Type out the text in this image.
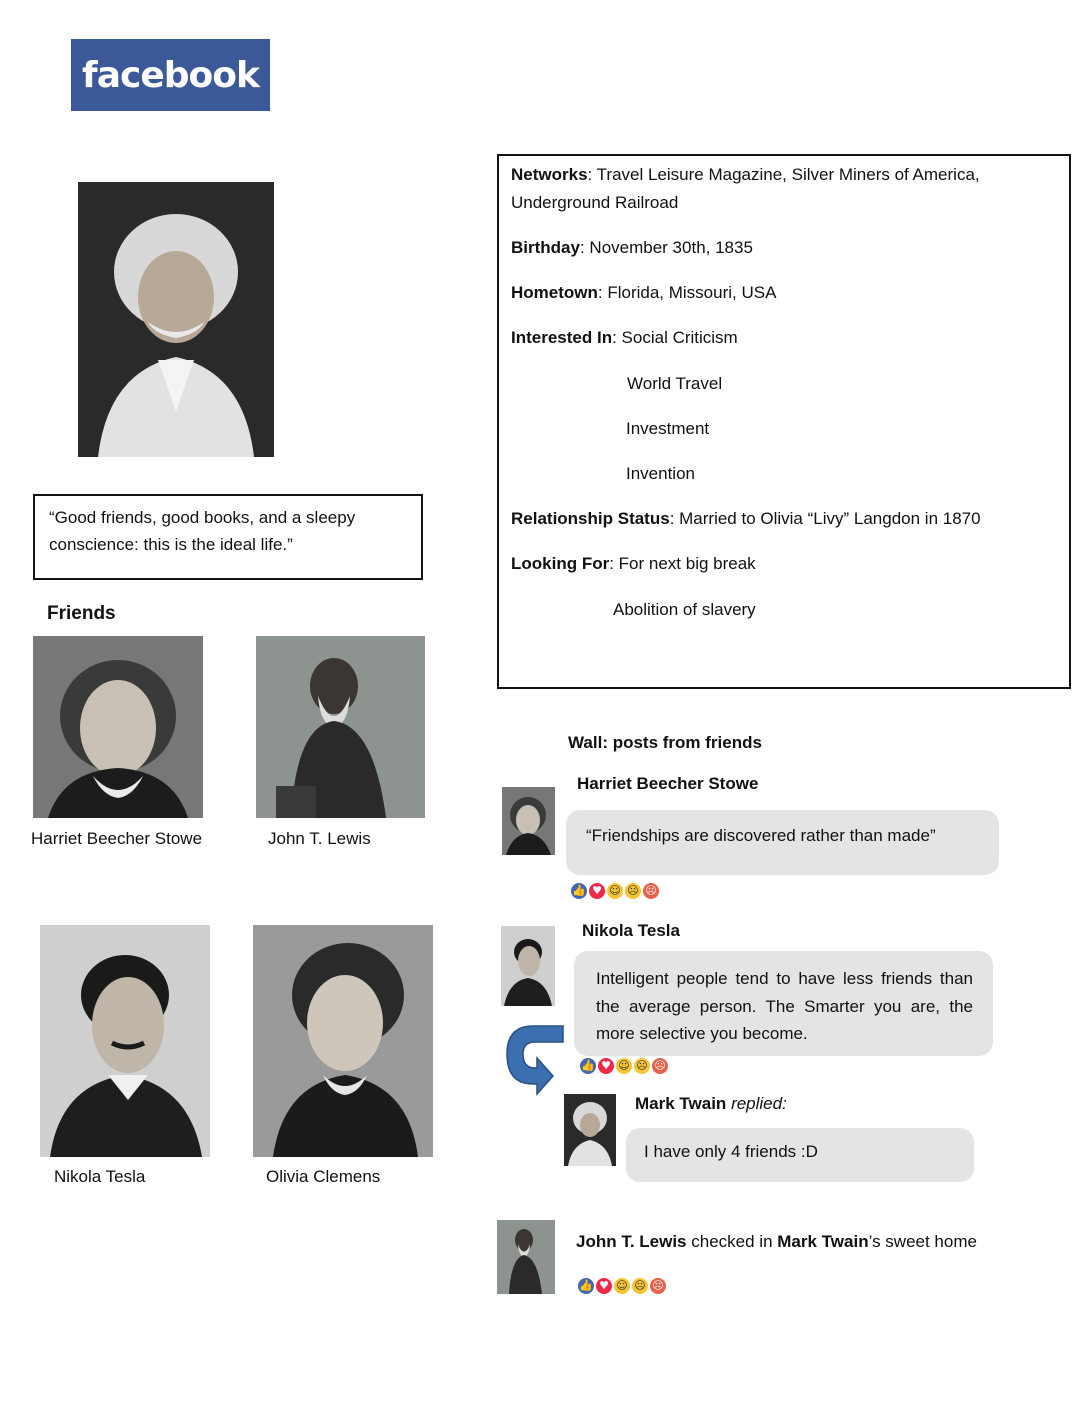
facebook
“Good friends, good books, and a sleepy conscience: this is the ideal life.”
Friends
Harriet Beecher Stowe	John T. Lewis
Nikola Tesla	Olivia Clemens
Networks: Travel Leisure Magazine, Silver Miners of America,
Underground Railroad
Birthday: November 30th, 1835
Hometown: Florida, Missouri, USA
Interested In: Social Criticism
World Travel
Investment
Invention
Relationship Status: Married to Olivia “Livy” Langdon in 1870
Looking For: For next big break
Abolition of slavery
Wall: posts from friends
Harriet Beecher Stowe
“Friendships are discovered rather than made”
👍 ♥ ☺ ☹ ☹
Nikola Tesla
Intelligent people tend to have less friends than the average person. The Smarter you are, the more selective you become.
👍 ♥ ☺ ☹ ☹
Mark Twain replied:
I have only 4 friends :D
John T. Lewis checked in Mark Twain’s sweet home
👍 ♥ ☺ ☹ ☹
